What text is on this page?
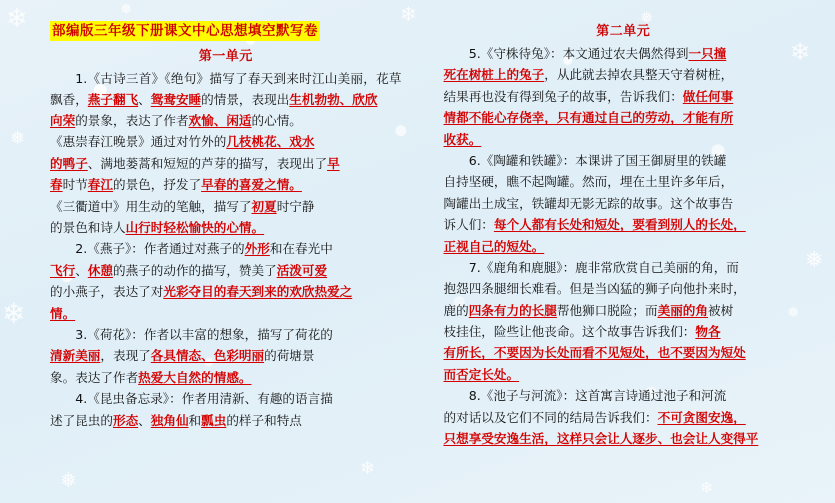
❄	❅	❄	❅
❄
❅
❄
❅
❄
❅	❄
部编版三年级下册课文中心思想填空默写卷
第一单元

1.《古诗三首》《绝句》描写了春天到来时江山美丽，花草飘香，燕子翻飞、鸳鸯安睡的情景，表现出生机勃勃、欣欣

向荣的景象，表达了作者欢愉、闲适的心情。

《惠崇春江晚景》通过对竹外的几枝桃花、戏水

的鸭子、满地蒌蒿和短短的芦芽的描写，表现出了早

春时节春江的景色，抒发了早春的喜爱之情。

《三衢道中》用生动的笔触，描写了初夏时宁静

的景色和诗人山行时轻松愉快的心情。

2.《燕子》：作者通过对燕子的外形和在春光中

飞行、休憩的燕子的动作的描写，赞美了活泼可爱

的小燕子，表达了对光彩夺目的春天到来的欢欣热爱之

情。

3.《荷花》：作者以丰富的想象，描写了荷花的

清新美丽，表现了各具情态、色彩明丽的荷塘景

象。表达了作者热爱大自然的情感。

4.《昆虫备忘录》：作者用清新、有趣的语言描

述了昆虫的形态、独角仙和瓢虫的样子和特点

第二单元

5.《守株待兔》：本文通过农夫偶然得到一只撞

死在树桩上的兔子，从此就去掉农具整天守着树桩，

结果再也没有得到兔子的故事，告诉我们：做任何事

情都不能心存侥幸，只有通过自己的劳动，才能有所

收获。

6.《陶罐和铁罐》：本课讲了国王御厨里的铁罐

自持坚硬，瞧不起陶罐。然而，埋在土里许多年后，

陶罐出土成宝，铁罐却无影无踪的故事。这个故事告

诉人们：每个人都有长处和短处，要看到别人的长处，

正视自己的短处。

7.《鹿角和鹿腿》：鹿非常欣赏自己美丽的角，而

抱怨四条腿细长难看。但是当凶猛的狮子向他扑来时，

鹿的四条有力的长腿帮他狮口脱险；而美丽的角被树

枝挂住，险些让他丧命。这个故事告诉我们：物各

有所长，不要因为长处而看不见短处，也不要因为短处

而否定长处。

8.《池子与河流》：这首寓言诗通过池子和河流

的对话以及它们不同的结局告诉我们：不可贪图安逸，

只想享受安逸生活，这样只会让人逐步、也会让人变得平
